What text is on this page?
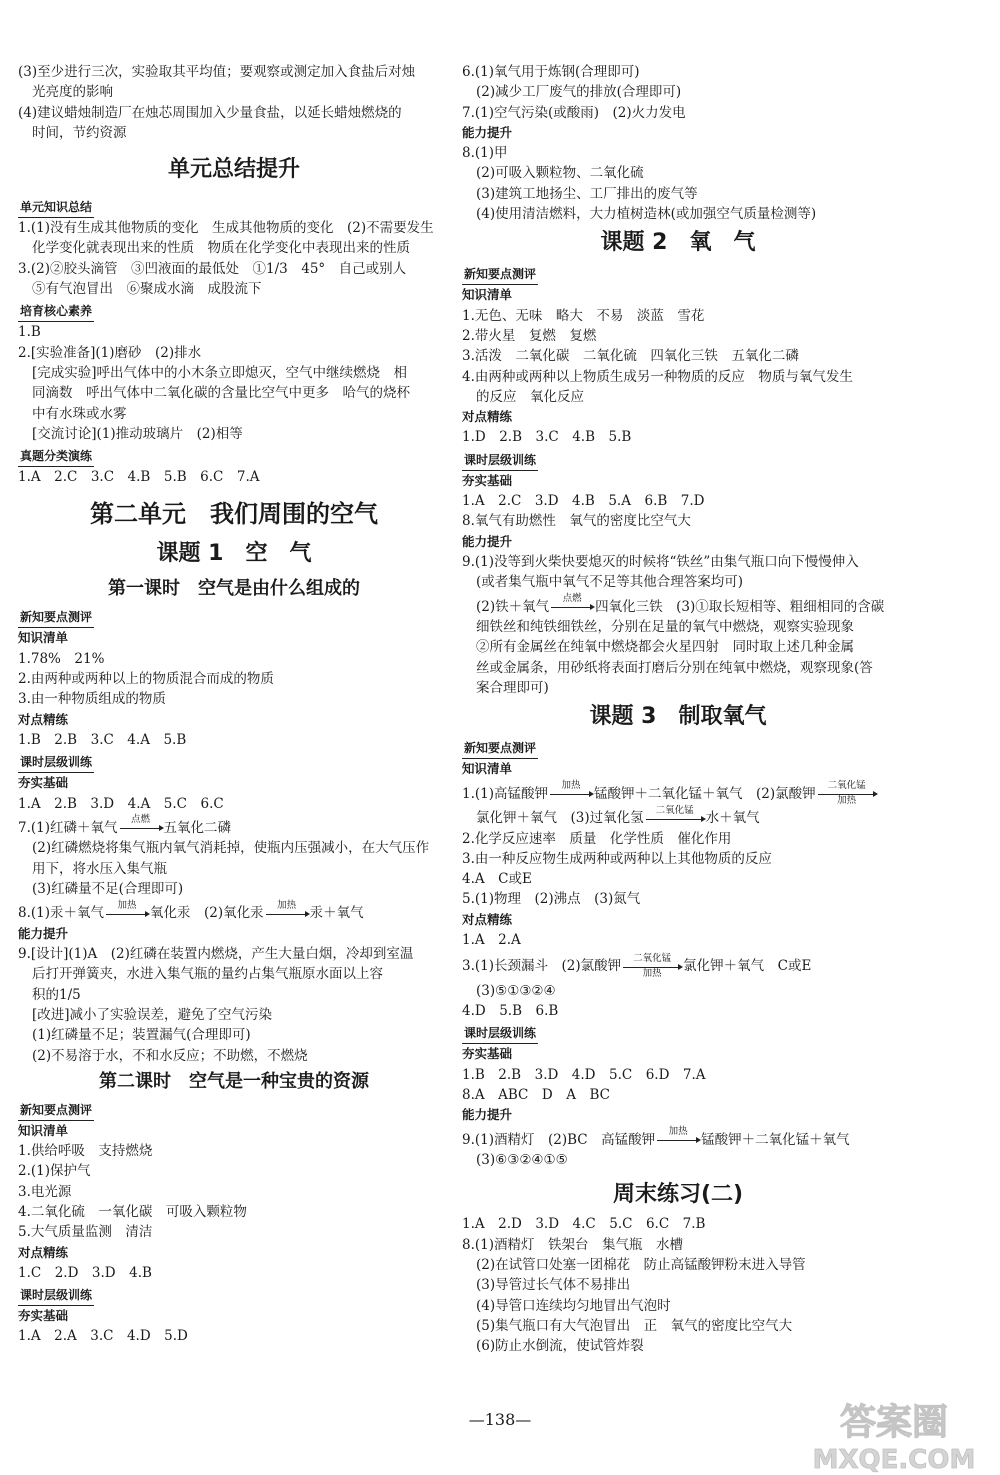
(3)至少进行三次，实验取其平均值；要观察或测定加入食盐后对烛
光亮度的影响
(4)建议蜡烛制造厂在烛芯周围加入少量食盐，以延长蜡烛燃烧的
时间，节约资源
单元总结提升
单元知识总结
1.(1)没有生成其他物质的变化　生成其他物质的变化　(2)不需要发生
化学变化就表现出来的性质　物质在化学变化中表现出来的性质
3.(2)②胶头滴管　③凹液面的最低处　①1/3　45°　自己或别人
⑤有气泡冒出　⑥聚成水滴　成股流下
培育核心素养
1.B
2.[实验准备](1)磨砂　(2)排水
[完成实验]呼出气体中的小木条立即熄灭，空气中继续燃烧　相
同滴数　呼出气体中二氧化碳的含量比空气中更多　哈气的烧杯
中有水珠或水雾
[交流讨论](1)推动玻璃片　(2)相等
真题分类演练
1.A　2.C　3.C　4.B　5.B　6.C　7.A
第二单元　我们周围的空气
课题 1　空　气
第一课时　空气是由什么组成的
新知要点测评
知识清单
1.78%　21%
2.由两种或两种以上的物质混合而成的物质
3.由一种物质组成的物质
对点精练
1.B　2.B　3.C　4.A　5.B
课时层级训练
夯实基础
1.A　2.B　3.D　4.A　5.C　6.C
7.(1)红磷＋氧气	点燃	五氧化二磷
(2)红磷燃烧将集气瓶内氧气消耗掉，使瓶内压强减小，在大气压作
用下，将水压入集气瓶
(3)红磷量不足(合理即可)
8.(1)汞＋氧气	加热	氧化汞　(2)氧化汞	加热	汞＋氧气
能力提升
9.[设计](1)A　(2)红磷在装置内燃烧，产生大量白烟，冷却到室温
后打开弹簧夹，水进入集气瓶的量约占集气瓶原水面以上容
积的1/5
[改进]减小了实验误差，避免了空气污染
(1)红磷量不足；装置漏气(合理即可)
(2)不易溶于水，不和水反应；不助燃，不燃烧
第二课时　空气是一种宝贵的资源
新知要点测评
知识清单
1.供给呼吸　支持燃烧
2.(1)保护气
3.电光源
4.二氧化硫　一氧化碳　可吸入颗粒物
5.大气质量监测　清洁
对点精练
1.C　2.D　3.D　4.B
课时层级训练
夯实基础
1.A　2.A　3.C　4.D　5.D
6.(1)氧气用于炼钢(合理即可)
(2)减少工厂废气的排放(合理即可)
7.(1)空气污染(或酸雨)　(2)火力发电
能力提升
8.(1)甲
(2)可吸入颗粒物、二氧化硫
(3)建筑工地扬尘、工厂排出的废气等
(4)使用清洁燃料，大力植树造林(或加强空气质量检测等)
课题 2　氧　气
新知要点测评
知识清单
1.无色、无味　略大　不易　淡蓝　雪花
2.带火星　复燃　复燃
3.活泼　二氧化碳　二氧化硫　四氧化三铁　五氧化二磷
4.由两种或两种以上物质生成另一种物质的反应　物质与氧气发生
的反应　氧化反应
对点精练
1.D　2.B　3.C　4.B　5.B
课时层级训练
夯实基础
1.A　2.C　3.D　4.B　5.A　6.B　7.D
8.氧气有助燃性　氧气的密度比空气大
能力提升
9.(1)没等到火柴快要熄灭的时候将“铁丝”由集气瓶口向下慢慢伸入
(或者集气瓶中氧气不足等其他合理答案均可)
(2)铁＋氧气	点燃	四氧化三铁　(3)①取长短相等、粗细相同的含碳
细铁丝和纯铁细铁丝，分别在足量的氧气中燃烧，观察实验现象
②所有金属丝在纯氧中燃烧都会火星四射　同时取上述几种金属
丝或金属条，用砂纸将表面打磨后分别在纯氧中燃烧，观察现象(答
案合理即可)
课题 3　制取氧气
新知要点测评
知识清单
1.(1)高锰酸钾	加热	锰酸钾＋二氧化锰＋氧气　(2)氯酸钾	二氧化锰
加热
氯化钾＋氧气　(3)过氧化氢	二氧化锰 水＋氧气
2.化学反应速率　质量　化学性质　催化作用
3.由一种反应物生成两种或两种以上其他物质的反应
4.A　C或E
5.(1)物理　(2)沸点　(3)氮气
对点精练
1.A　2.A
3.(1)长颈漏斗　(2)氯酸钾	二氧化锰
加热	氯化钾＋氧气　C或E
(3)⑤①③②④
4.D　5.B　6.B
课时层级训练
夯实基础
1.B　2.B　3.D　4.D　5.C　6.D　7.A
8.A　ABC　D　A　BC
能力提升
9.(1)酒精灯　(2)BC　高锰酸钾	加热	锰酸钾＋二氧化锰＋氧气
(3)⑥③②④①⑤
周末练习(二)
1.A　2.D　3.D　4.C　5.C　6.C　7.B
8.(1)酒精灯　铁架台　集气瓶　水槽
(2)在试管口处塞一团棉花　防止高锰酸钾粉末进入导管
(3)导管过长气体不易排出
(4)导管口连续均匀地冒出气泡时
(5)集气瓶口有大气泡冒出　正　氧气的密度比空气大
(6)防止水倒流，使试管炸裂
—138—	答案圈
MXQE.COM
